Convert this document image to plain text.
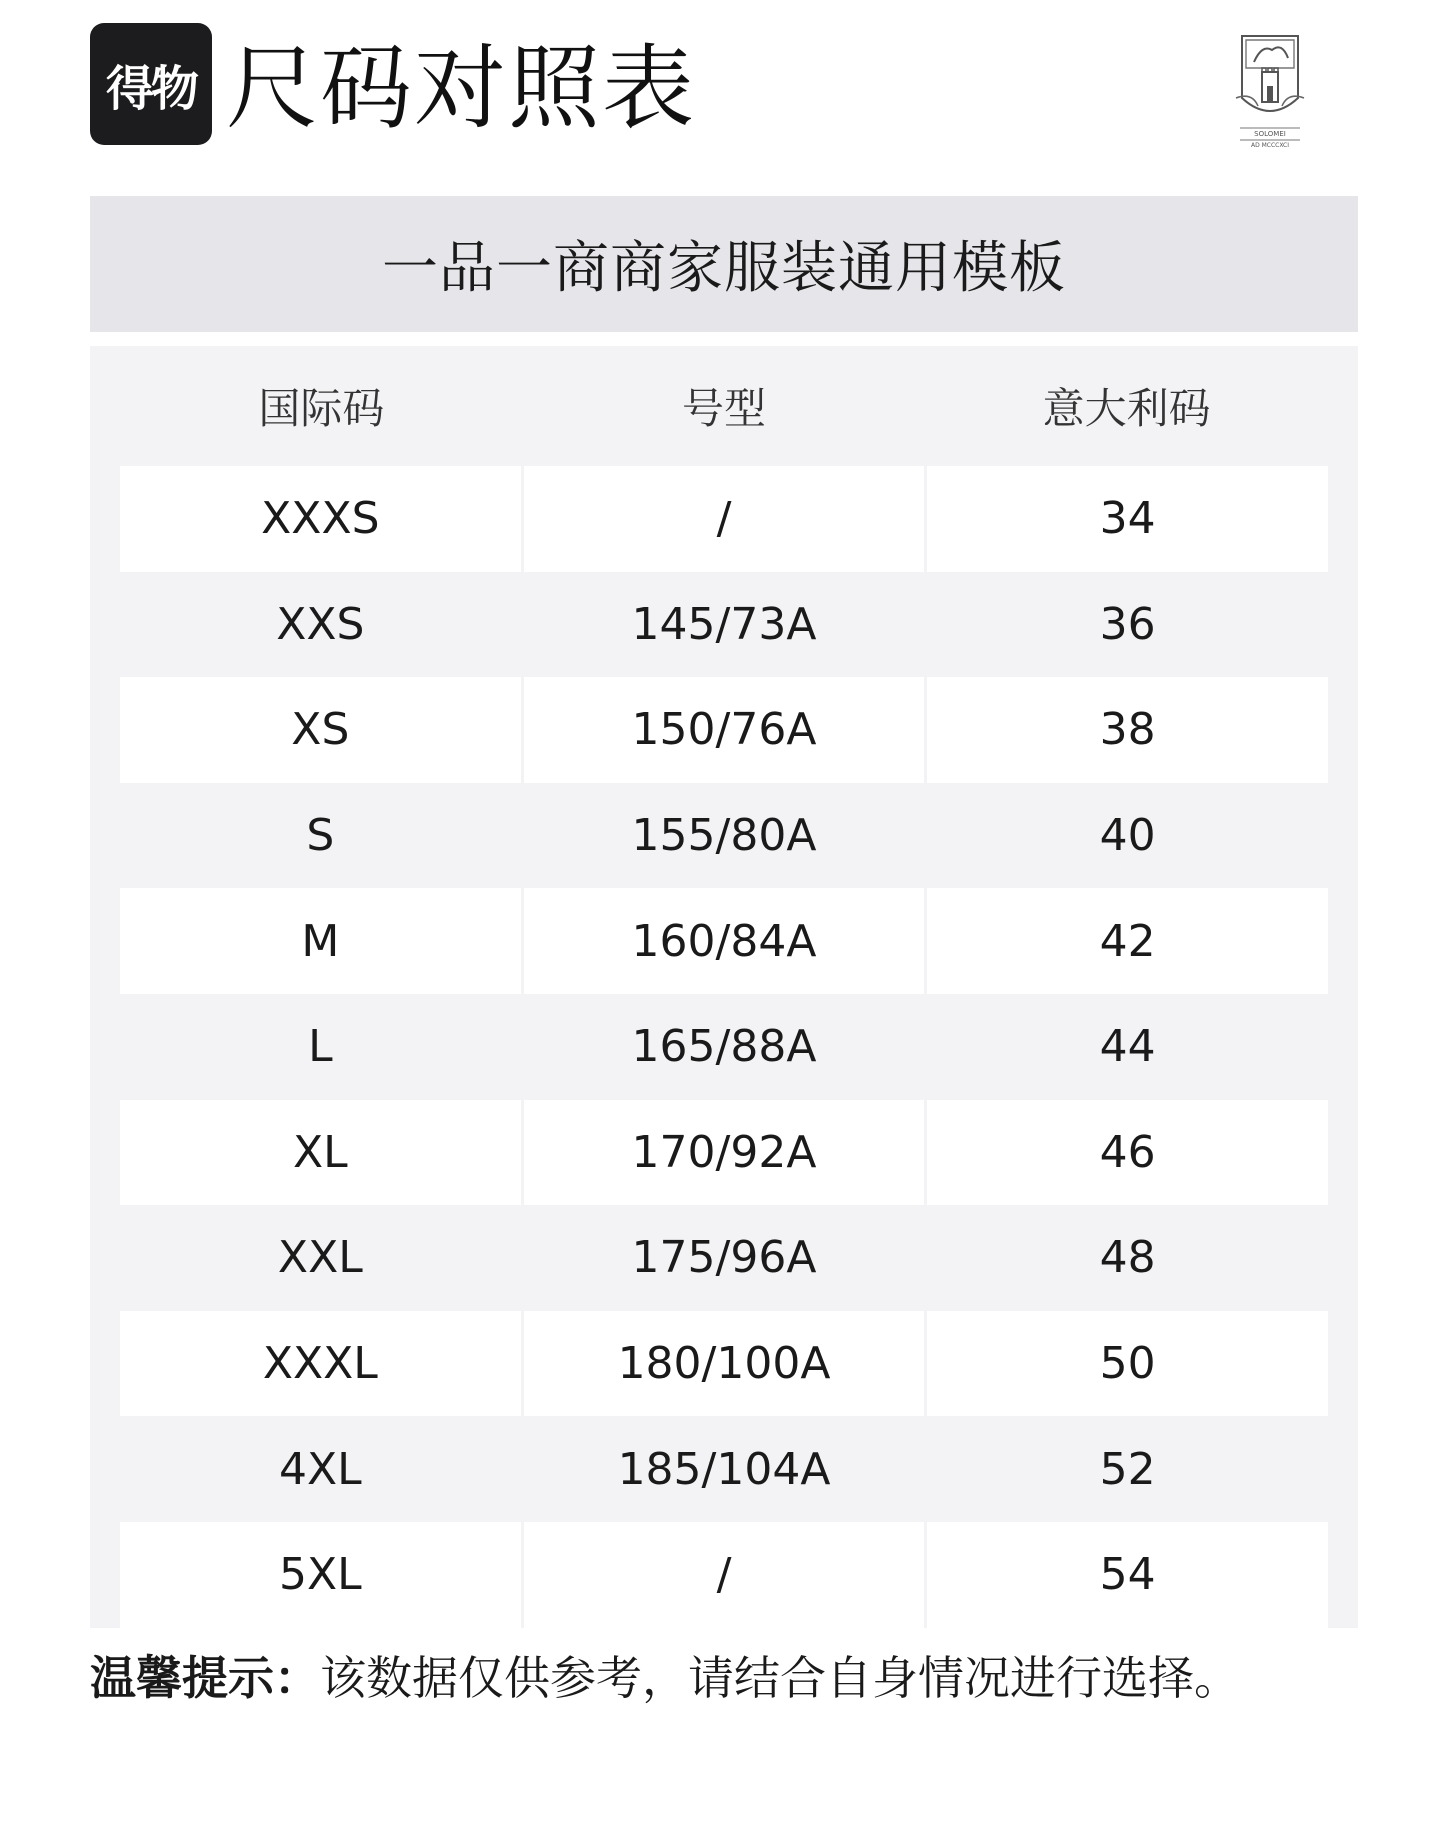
得物 尺码对照表	SOLOMEI
AD MCCCXCI
一品一商商家服装通用模板
国际码	号型	意大利码
XXXS	/	34
XXS	145/73A	36
XS	150/76A	38
S	155/80A	40
M	160/84A	42
L	165/88A	44
XL	170/92A	46
XXL	175/96A	48
XXXL	180/100A	50
4XL	185/104A	52
5XL	/	54
温馨提示：该数据仅供参考，请结合自身情况进行选择。
